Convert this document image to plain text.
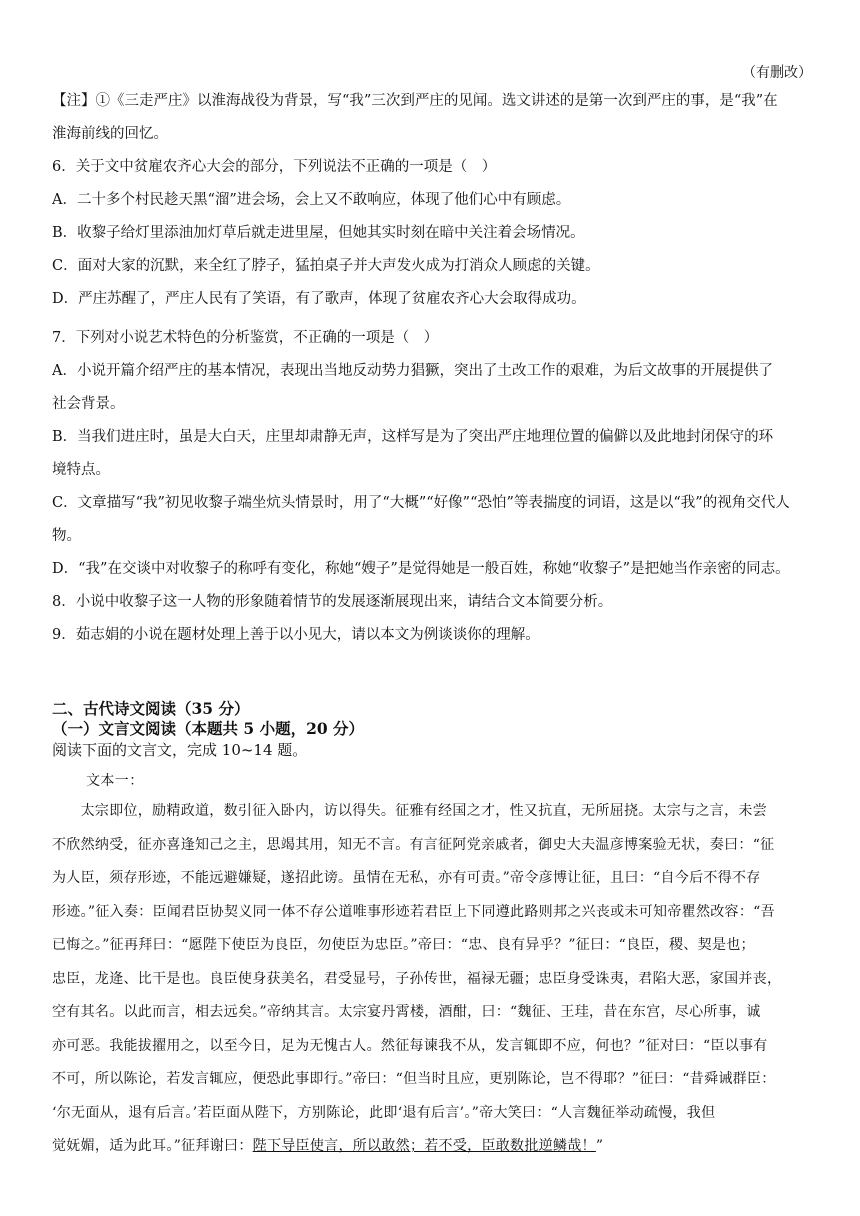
（有删改）
【注】①《三走严庄》以淮海战役为背景，写“我”三次到严庄的见闻。选文讲述的是第一次到严庄的事，是“我”在
淮海前线的回忆。
6．关于文中贫雇农齐心大会的部分，下列说法不正确的一项是（　）
A．二十多个村民趁天黑“溜”进会场，会上又不敢响应，体现了他们心中有顾虑。
B．收黎子给灯里添油加灯草后就走进里屋，但她其实时刻在暗中关注着会场情况。
C．面对大家的沉默，来全红了脖子，猛拍桌子并大声发火成为打消众人顾虑的关键。
D．严庄苏醒了，严庄人民有了笑语，有了歌声，体现了贫雇农齐心大会取得成功。
7．下列对小说艺术特色的分析鉴赏，不正确的一项是（　）
A．小说开篇介绍严庄的基本情况，表现出当地反动势力猖獗，突出了土改工作的艰难，为后文故事的开展提供了
社会背景。
B．当我们进庄时，虽是大白天，庄里却肃静无声，这样写是为了突出严庄地理位置的偏僻以及此地封闭保守的环
境特点。
C．文章描写“我”初见收黎子端坐炕头情景时，用了“大概”“好像”“恐怕”等表揣度的词语，这是以“我”的视角交代人
物。
D．“我”在交谈中对收黎子的称呼有变化，称她“嫂子”是觉得她是一般百姓，称她“收黎子”是把她当作亲密的同志。
8．小说中收黎子这一人物的形象随着情节的发展逐渐展现出来，请结合文本简要分析。
9．茹志娟的小说在题材处理上善于以小见大，请以本文为例谈谈你的理解。
二、古代诗文阅读（35 分）
（一）文言文阅读（本题共 5 小题，20 分）
阅读下面的文言文，完成 10~14 题。
文本一：
　　太宗即位，励精政道，数引征入卧内，访以得失。征雅有经国之才，性又抗直，无所屈挠。太宗与之言，未尝
不欣然纳受，征亦喜逢知己之主，思竭其用，知无不言。有言征阿党亲戚者，御史大夫温彦博案验无状，奏曰：“征
为人臣，须存形迹，不能远避嫌疑，遂招此谤。虽情在无私，亦有可责。”帝令彦博让征，且曰：“自今后不得不存
形迹。”征入奏：臣闻君臣协契义同一体不存公道唯事形迹若君臣上下同遵此路则邦之兴丧或未可知帝瞿然改容：“吾
已悔之。”征再拜曰：“愿陛下使臣为良臣，勿使臣为忠臣。”帝曰：“忠、良有异乎？”征曰：“良臣，稷、契是也；
忠臣，龙逄、比干是也。良臣使身获美名，君受显号，子孙传世，福禄无疆；忠臣身受诛夷，君陷大恶，家国并丧，
空有其名。以此而言，相去远矣。”帝纳其言。太宗宴丹霄楼，酒酣，曰：“魏征、王珪，昔在东宫，尽心所事，诚
亦可恶。我能拔擢用之，以至今日，足为无愧古人。然征每谏我不从，发言辄即不应，何也？”征对曰：“臣以事有
不可，所以陈论，若发言辄应，便恐此事即行。”帝曰：“但当时且应，更别陈论，岂不得耶？”征曰：“昔舜诫群臣：
‘尔无面从，退有后言。’若臣面从陛下，方别陈论，此即‘退有后言’。”帝大笑曰：“人言魏征举动疏慢，我但
觉妩媚，适为此耳。”征拜谢曰：陛下导臣使言，所以敢然；若不受，臣敢数批逆鳞哉！”
